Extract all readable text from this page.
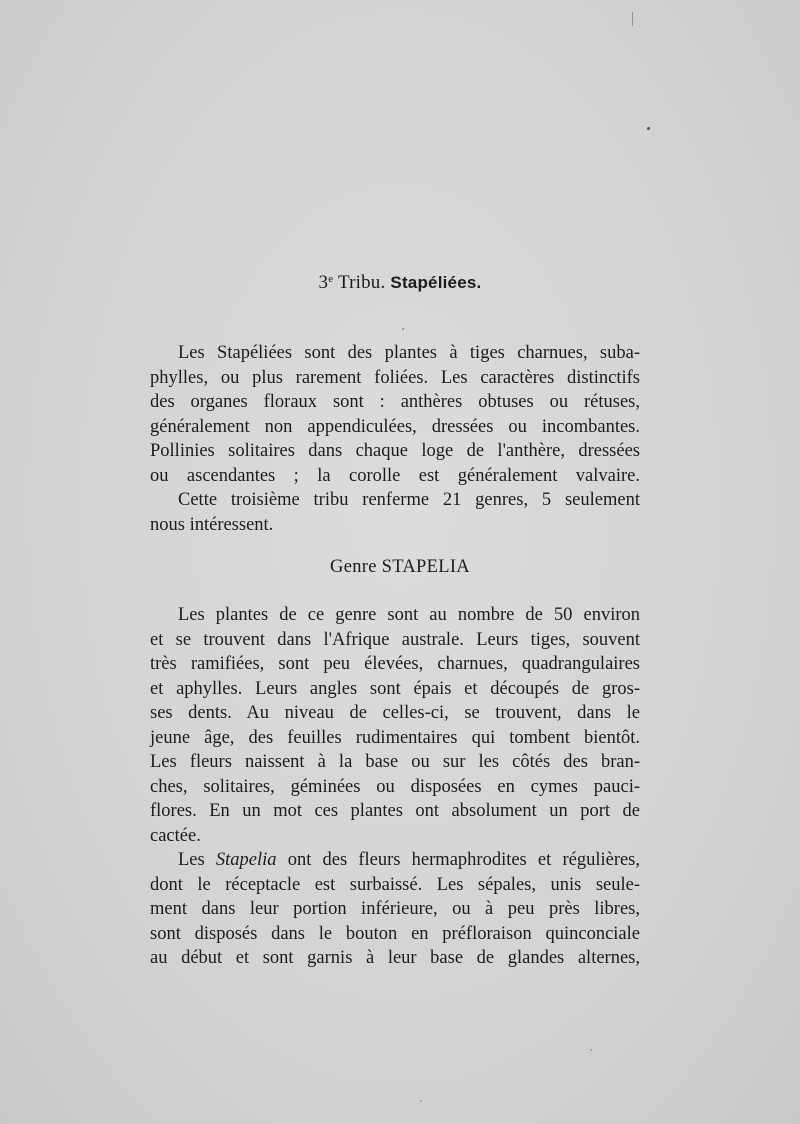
3e Tribu. Stapéliées.
Les Stapéliées sont des plantes à tiges charnues, suba-
phylles, ou plus rarement foliées. Les caractères distinctifs
des organes floraux sont : anthères obtuses ou rétuses,
généralement non appendiculées, dressées ou incombantes.
Pollinies solitaires dans chaque loge de l'anthère, dressées
ou ascendantes ; la corolle est généralement valvaire.
Cette troisième tribu renferme 21 genres, 5 seulement
nous intéressent.
Genre STAPELIA
Les plantes de ce genre sont au nombre de 50 environ
et se trouvent dans l'Afrique australe. Leurs tiges, souvent
très ramifiées, sont peu élevées, charnues, quadrangulaires
et aphylles. Leurs angles sont épais et découpés de gros-
ses dents. Au niveau de celles-ci, se trouvent, dans le
jeune âge, des feuilles rudimentaires qui tombent bientôt.
Les fleurs naissent à la base ou sur les côtés des bran-
ches, solitaires, géminées ou disposées en cymes pauci-
flores. En un mot ces plantes ont absolument un port de
cactée.
Les Stapelia ont des fleurs hermaphrodites et régulières,
dont le réceptacle est surbaissé. Les sépales, unis seule-
ment dans leur portion inférieure, ou à peu près libres,
sont disposés dans le bouton en préfloraison quinconciale
au début et sont garnis à leur base de glandes alternes,
